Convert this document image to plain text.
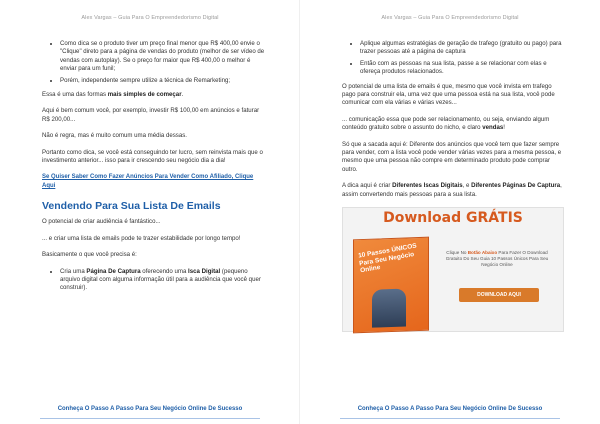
Alex Vargas – Guia Para O Empreendedorismo Digital
• Como dica se o produto tiver um preço final menor que R$ 400,00 envie o "Clique" direto para a página de vendas do produto (melhor de ser vídeo de vendas com autoplay). Se o preço for maior que R$ 400,00 o melhor é enviar para um funil;
• Porém, independente sempre utilize a técnica de Remarketing;

Essa é uma das formas mais simples de começar.

Aqui é bem comum você, por exemplo, investir R$ 100,00 em anúncios e faturar R$ 200,00...

Não é regra, mas é muito comum uma média dessas.

Portanto como dica, se você está conseguindo ter lucro, sem reinvista mais que o investimento anterior... isso para ir crescendo seu negócio dia a dia!

Se Quiser Saber Como Fazer Anúncios Para Vender Como Afiliado, Clique Aqui

Vendendo Para Sua Lista De Emails

O potencial de criar audiência é fantástico...

... e criar uma lista de emails pode te trazer estabilidade por longo tempo!

Basicamente o que você precisa é:

• Cria uma Página De Captura oferecendo uma Isca Digital (pequeno arquivo digital com alguma informação útil para a audiência que você quer construir).
Conheça O Passo A Passo Para Seu Negócio Online De Sucesso
Alex Vargas – Guia Para O Empreendedorismo Digital
• Aplique algumas estratégias de geração de trafego (gratuito ou pago) para trazer pessoas até a página de captura
• Então com as pessoas na sua lista, passe a se relacionar com elas e ofereça produtos relacionados.

O potencial de uma lista de emails é que, mesmo que você invista em trafego pago para construir ela, uma vez que uma pessoa está na sua lista, você pode comunicar com ela várias e várias vezes...

... comunicação essa que pode ser relacionamento, ou seja, enviando algum conteúdo gratuito sobre o assunto do nicho, e claro vendas!

Só que a sacada aqui é: Diferente dos anúncios que você tem que fazer sempre para vender, com a lista você pode vender várias vezes para a mesma pessoa, e mesmo que uma pessoa não compre em determinado produto pode comprar outro.

A dica aqui é criar Diferentes Iscas Digitais, e Diferentes Páginas De Captura, assim convertendo mais pessoas para a sua lista.

Download GRÁTIS
10 Passos ÚNICOS Para Seu Negócio Online
Clique No Botão Abaixo Para Fazer O Download Gratuito Do Seu Guia 10 Passos Únicos Para Seu Negócio Online
DOWNLOAD AQUI
Conheça O Passo A Passo Para Seu Negócio Online De Sucesso
